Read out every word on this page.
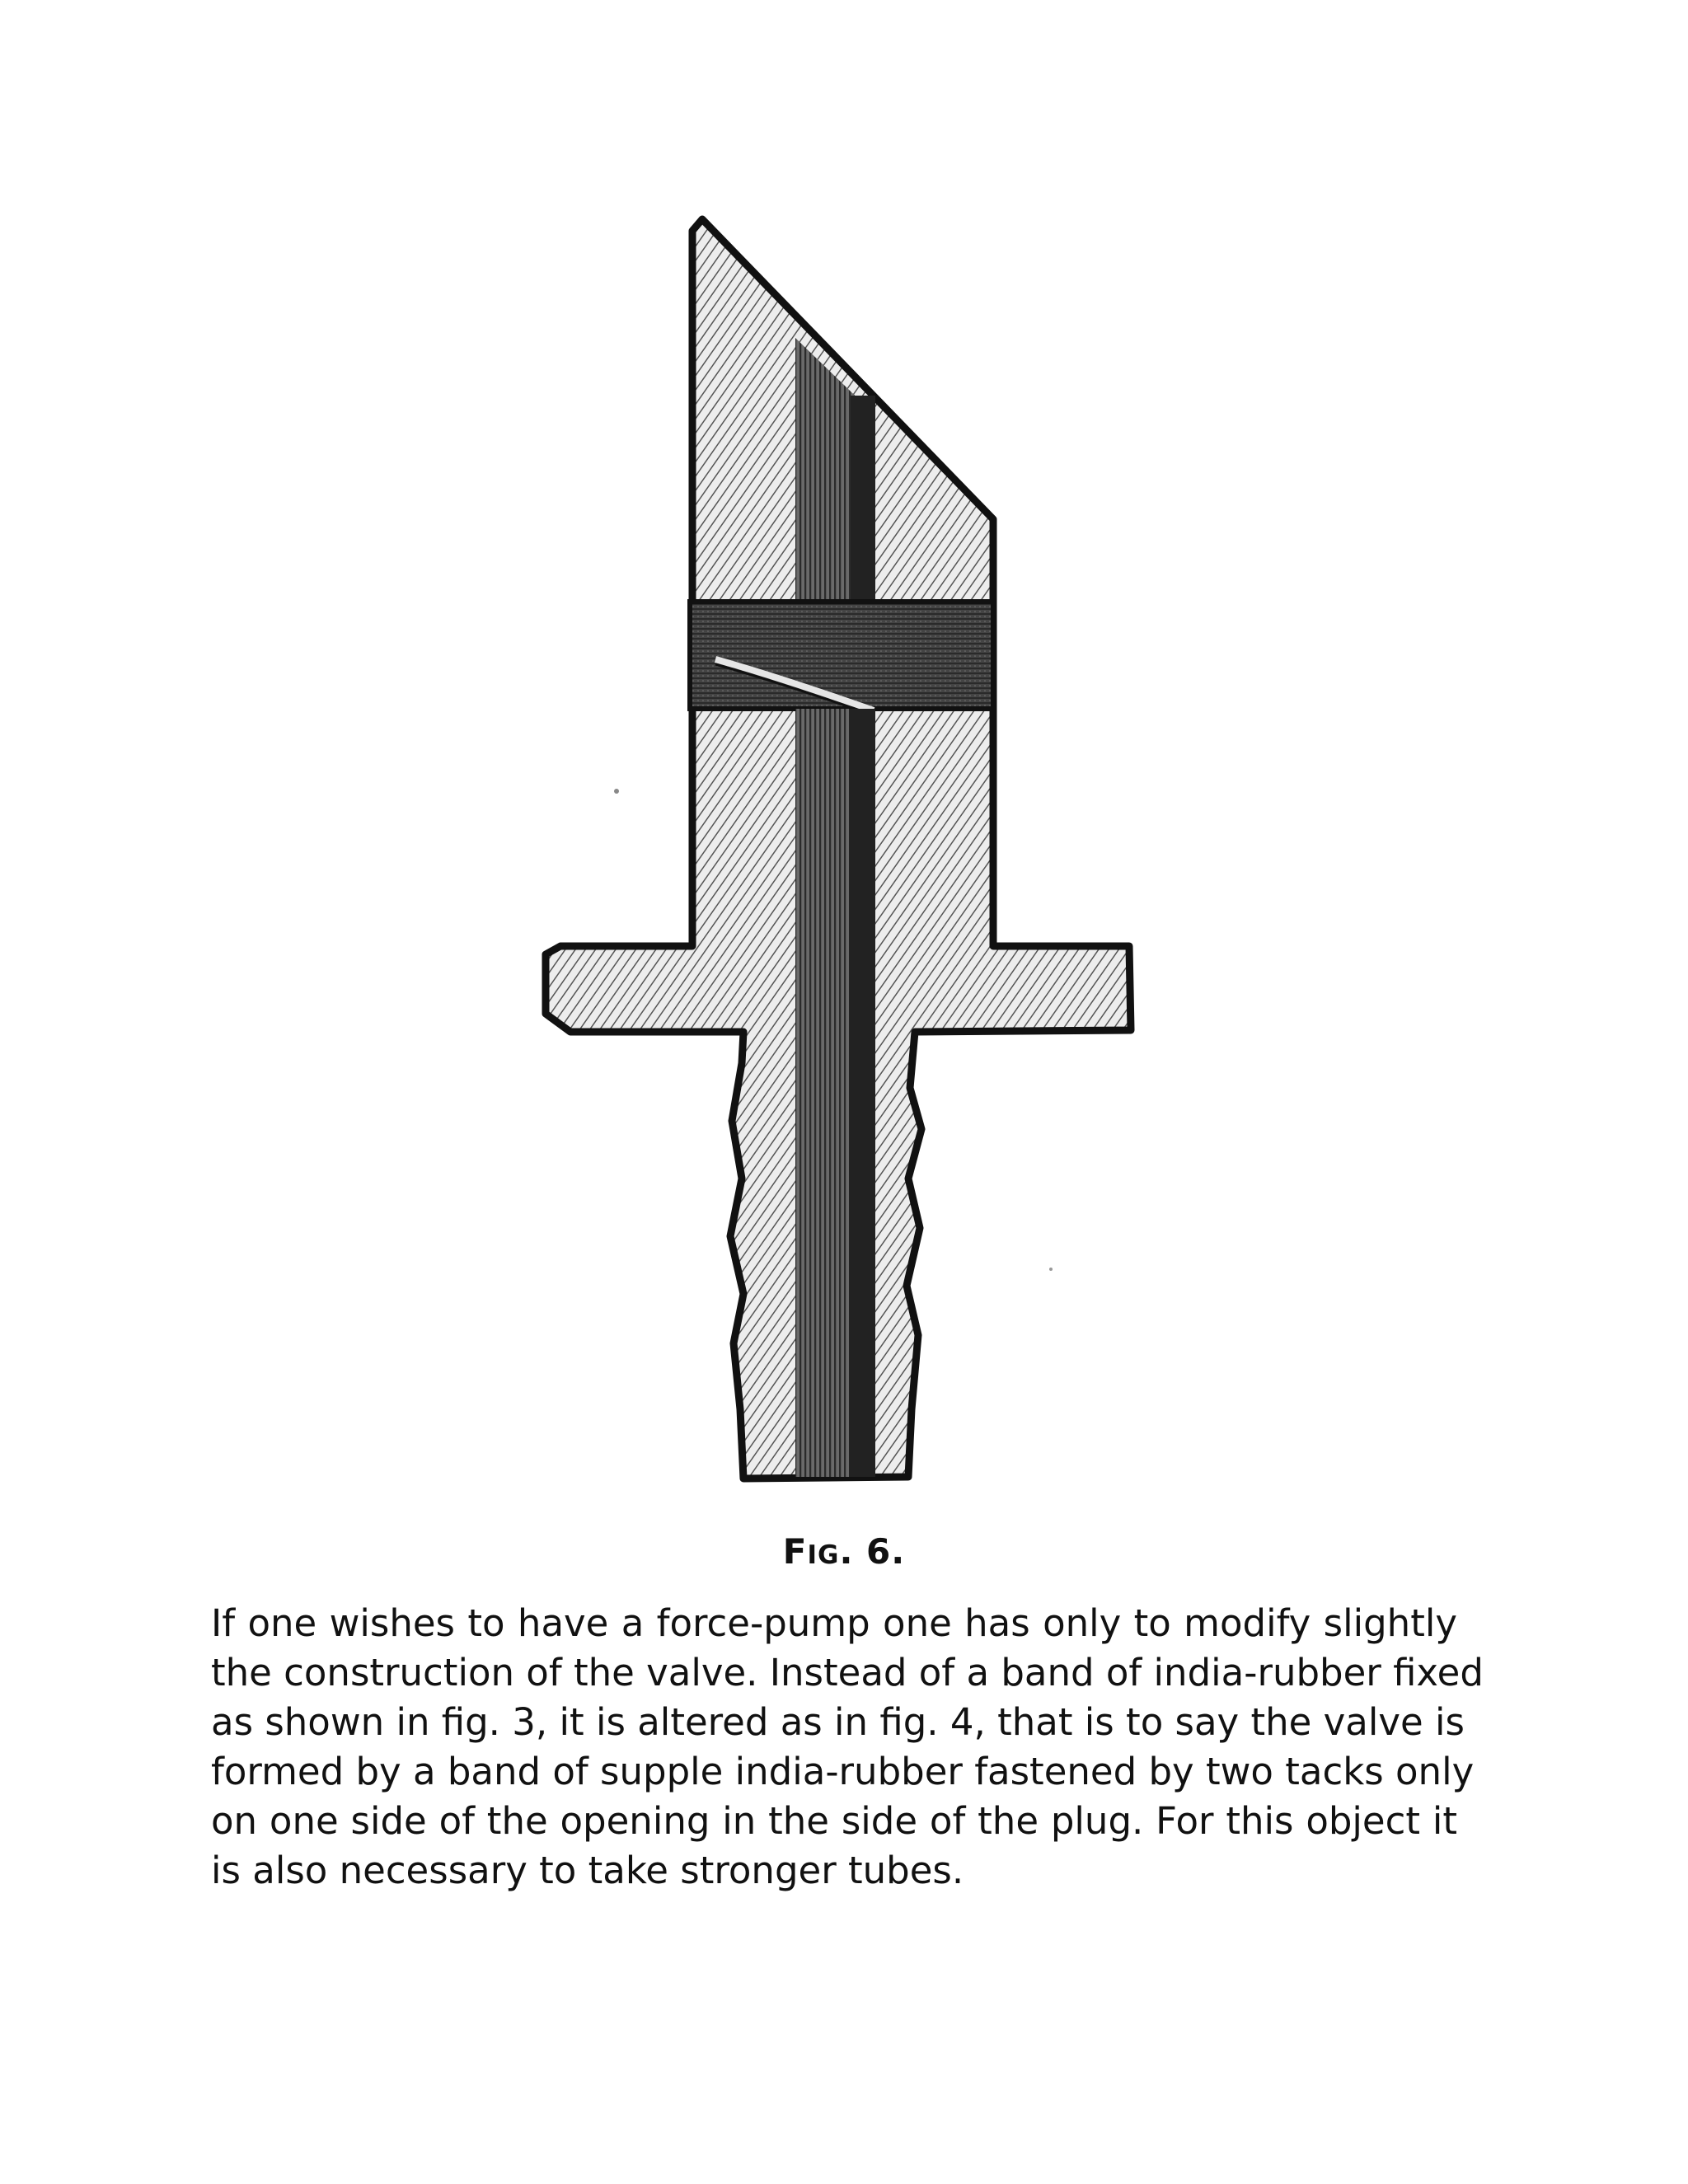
FIG. 6.
If one wishes to have a force-pump one has only to modify slightly
the construction of the valve. Instead of a band of india-rubber fixed
as shown in fig. 3, it is altered as in fig. 4, that is to say the valve is
formed by a band of supple india-rubber fastened by two tacks only
on one side of the opening in the side of the plug. For this object it
is also necessary to take stronger tubes.
